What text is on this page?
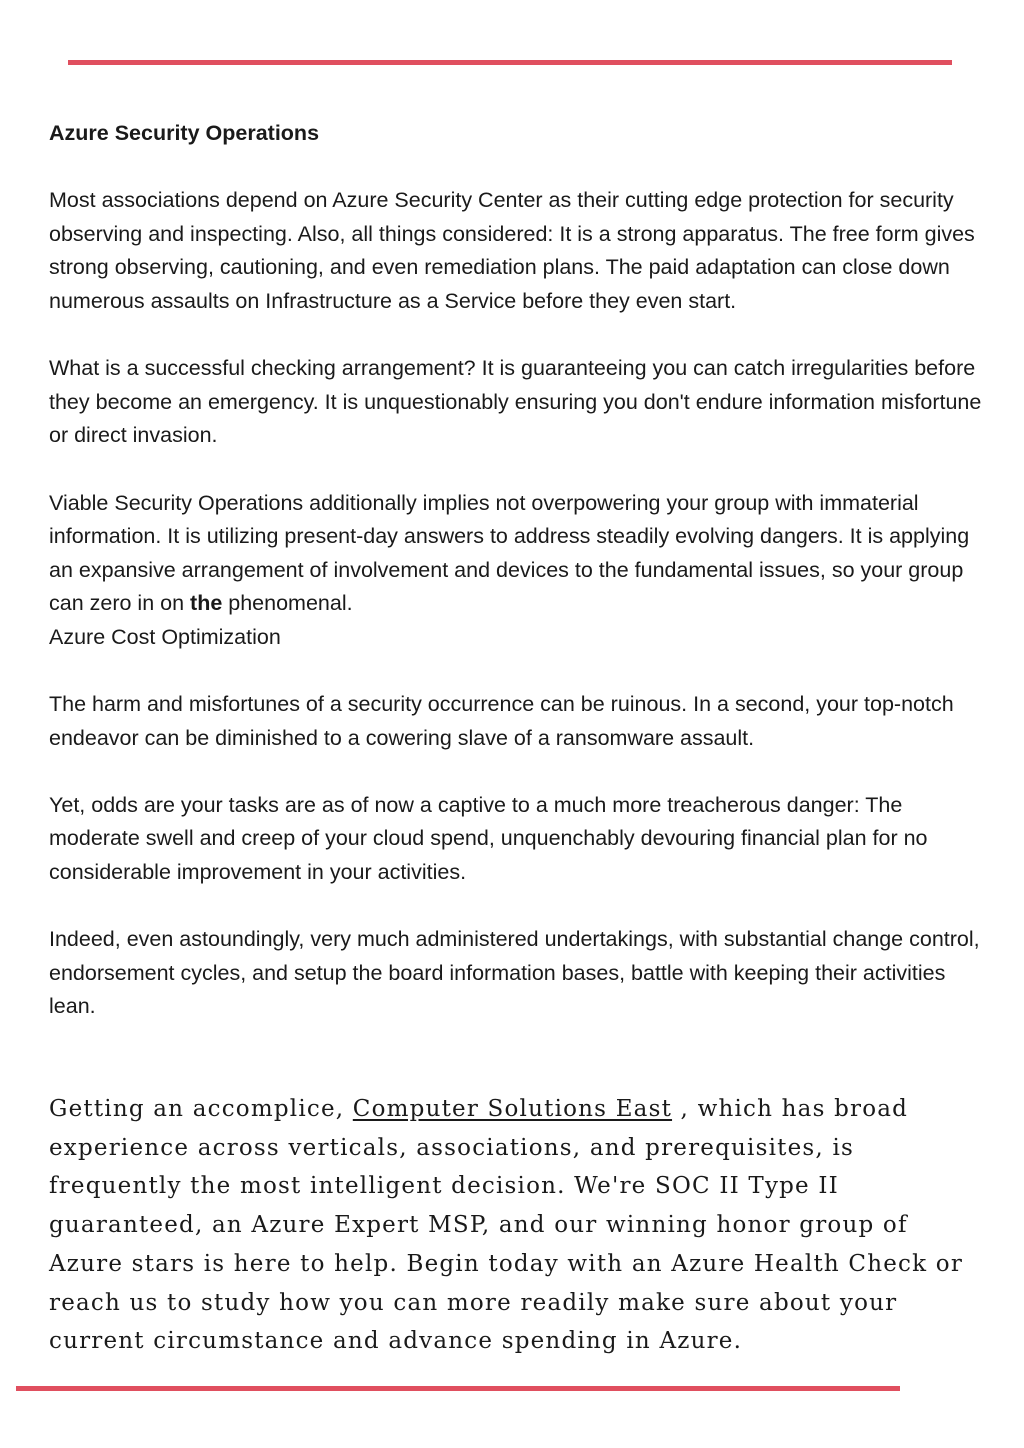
Azure Security Operations

Most associations depend on Azure Security Center as their cutting edge protection for security observing and inspecting. Also, all things considered: It is a strong apparatus. The free form gives strong observing, cautioning, and even remediation plans. The paid adaptation can close down numerous assaults on Infrastructure as a Service before they even start.

What is a successful checking arrangement? It is guaranteeing you can catch irregularities before they become an emergency. It is unquestionably ensuring you don't endure information misfortune or direct invasion.

Viable Security Operations additionally implies not overpowering your group with immaterial information. It is utilizing present-day answers to address steadily evolving dangers. It is applying an expansive arrangement of involvement and devices to the fundamental issues, so your group can zero in on the phenomenal.

Azure Cost Optimization

The harm and misfortunes of a security occurrence can be ruinous. In a second, your top-notch endeavor can be diminished to a cowering slave of a ransomware assault.

Yet, odds are your tasks are as of now a captive to a much more treacherous danger: The moderate swell and creep of your cloud spend, unquenchably devouring financial plan for no considerable improvement in your activities.

Indeed, even astoundingly, very much administered undertakings, with substantial change control, endorsement cycles, and setup the board information bases, battle with keeping their activities lean.

Getting an accomplice, Computer Solutions East , which has broad experience across verticals, associations, and prerequisites, is frequently the most intelligent decision. We're SOC II Type II guaranteed, an Azure Expert MSP, and our winning honor group of Azure stars is here to help. Begin today with an Azure Health Check or reach us to study how you can more readily make sure about your current circumstance and advance spending in Azure.
